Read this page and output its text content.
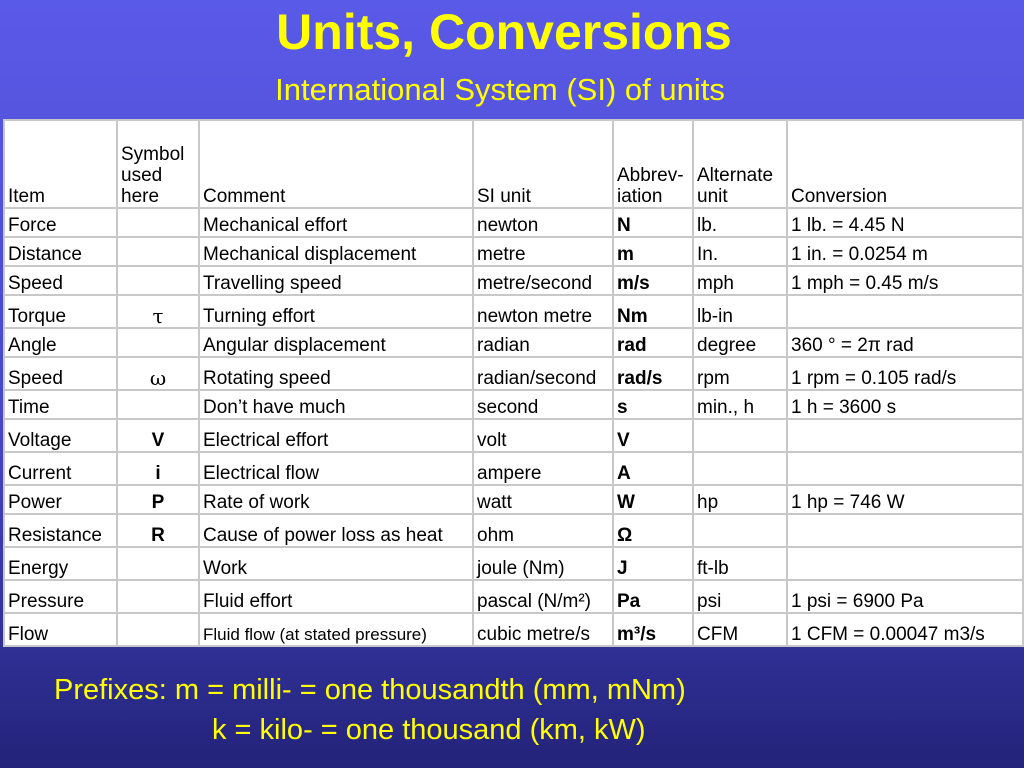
Units, Conversions
International System (SI) of units
Item	Symbol used here	Comment	SI unit	Abbrev-iation	Alternate unit	Conversion
Force		Mechanical effort	newton	N	lb.	1 lb. = 4.45 N
Distance		Mechanical displacement	metre	m	In.	1 in. = 0.0254 m
Speed		Travelling speed	metre/second	m/s	mph	1 mph = 0.45 m/s
Torque	τ	Turning effort	newton metre	Nm	lb-in	
Angle		Angular displacement	radian	rad	degree	360 ° = 2π rad
Speed	ω	Rotating speed	radian/second	rad/s	rpm	1 rpm = 0.105 rad/s
Time		Don’t have much	second	s	min., h	1 h = 3600 s
Voltage	V	Electrical effort	volt	V		
Current	i	Electrical flow	ampere	A		
Power	P	Rate of work	watt	W	hp	1 hp = 746 W
Resistance	R	Cause of power loss as heat	ohm	Ω		
Energy		Work	joule (Nm)	J	ft-lb	
Pressure		Fluid effort	pascal (N/m²)	Pa	psi	1 psi = 6900 Pa
Flow		Fluid flow (at stated pressure)	cubic metre/s	m³/s	CFM	1 CFM = 0.00047 m3/s
Prefixes: m = milli- = one thousandth (mm, mNm)
k = kilo- = one thousand (km, kW)
